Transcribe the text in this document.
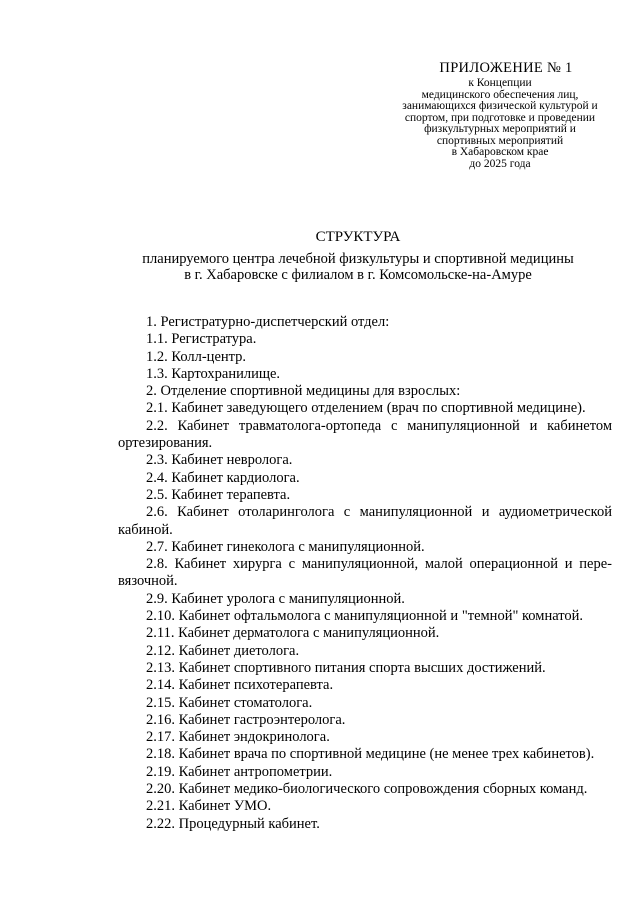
ПРИЛОЖЕНИЕ № 1
к Концепции
медицинского обеспечения лиц,
занимающихся физической культурой и
спортом, при подготовке и проведении
физкультурных мероприятий и
спортивных мероприятий
в Хабаровском крае
до 2025 года
СТРУКТУРА
планируемого центра лечебной физкультуры и спортивной медицины
в г. Хабаровске с филиалом в г. Комсомольске-на-Амуре

1. Регистратурно-диспетчерский отдел:

1.1. Регистратура.

1.2. Колл-центр.

1.3. Картохранилище.

2. Отделение спортивной медицины для взрослых:

2.1. Кабинет заведующего отделением (врач по спортивной медицине).

2.2. Кабинет травматолога-ортопеда с манипуляционной и кабинетом ортезирования.

2.3. Кабинет невролога.

2.4. Кабинет кардиолога.

2.5. Кабинет терапевта.

2.6. Кабинет отоларинголога с манипуляционной и аудиометрической кабиной.

2.7. Кабинет гинеколога с манипуляционной.

2.8. Кабинет хирурга с манипуляционной, малой операционной и пере-вязочной.

2.9. Кабинет уролога с манипуляционной.

2.10. Кабинет офтальмолога с манипуляционной и "темной" комнатой.

2.11. Кабинет дерматолога с манипуляционной.

2.12. Кабинет диетолога.

2.13. Кабинет спортивного питания спорта высших достижений.

2.14. Кабинет психотерапевта.

2.15. Кабинет стоматолога.

2.16. Кабинет гастроэнтеролога.

2.17. Кабинет эндокринолога.

2.18. Кабинет врача по спортивной медицине (не менее трех кабинетов).

2.19. Кабинет антропометрии.

2.20. Кабинет медико-биологического сопровождения сборных команд.

2.21. Кабинет УМО.

2.22. Процедурный кабинет.
